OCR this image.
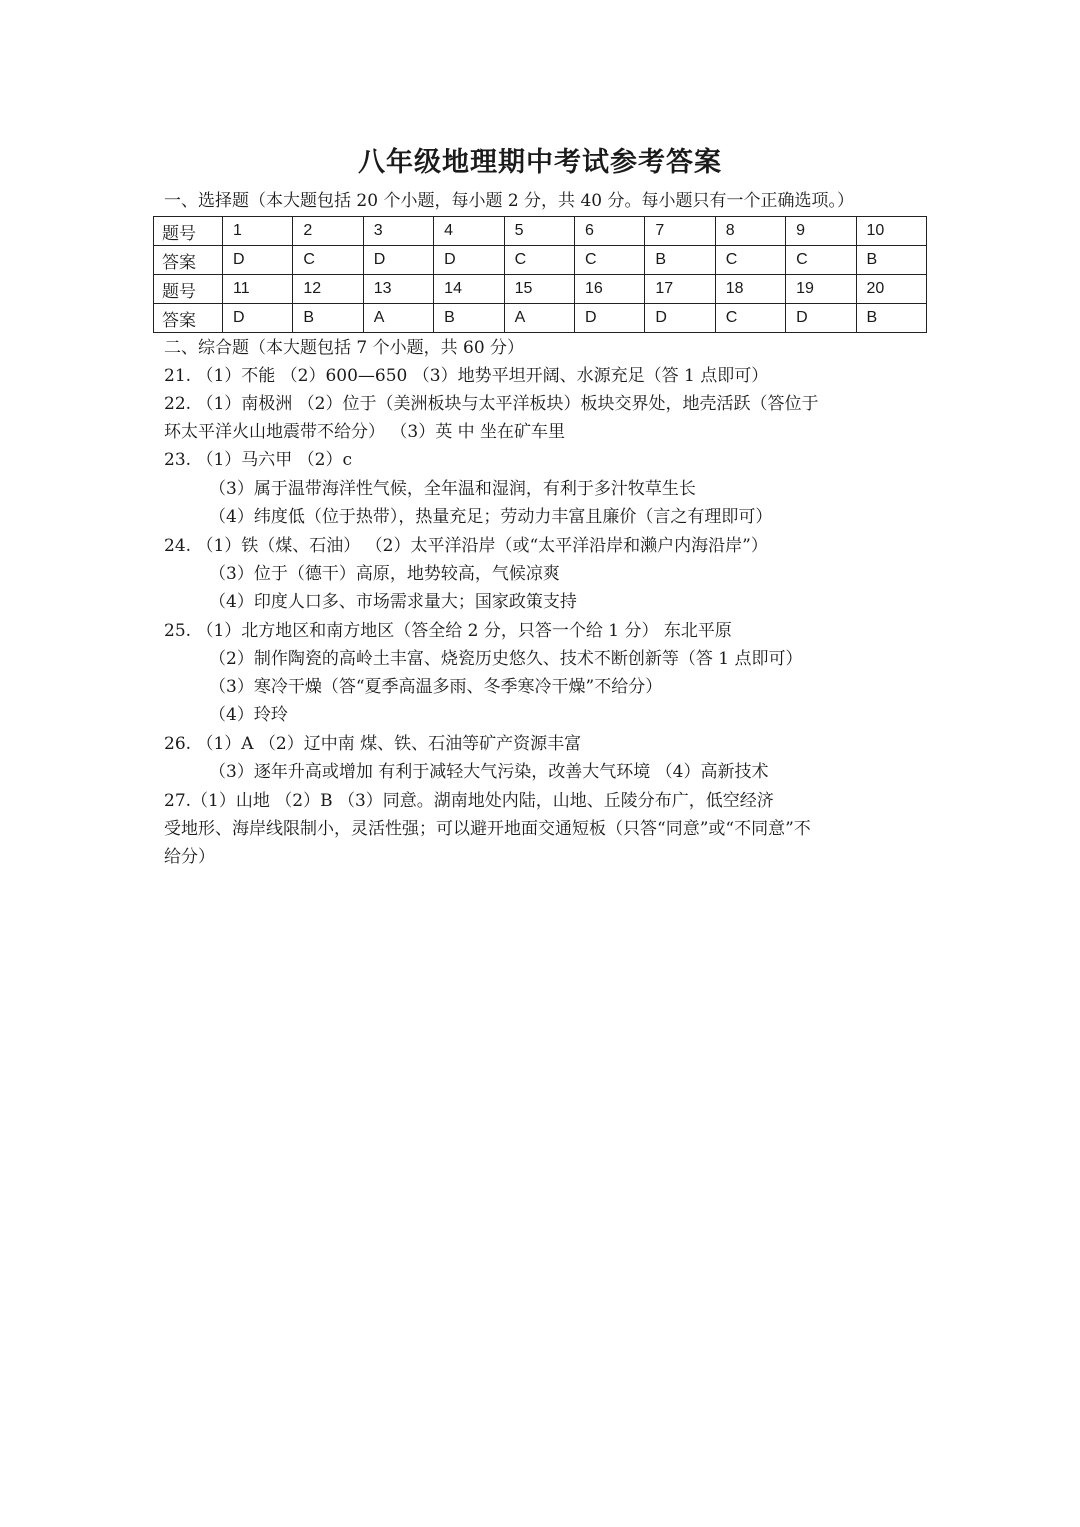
八年级地理期中考试参考答案
一、选择题（本大题包括 20 个小题，每小题 2 分，共 40 分。每小题只有一个正确选项。）
题号	1	2	3	4	5	6	7	8	9	10
答案	D	C	D	D	C	C	B	C	C	B
题号	11	12	13	14	15	16	17	18	19	20
答案	D	B	A	B	A	D	D	C	D	B
二、综合题（本大题包括 7 个小题，共 60 分）
21. （1）不能 （2）600—650 （3）地势平坦开阔、水源充足（答 1 点即可）
22. （1）南极洲 （2）位于（美洲板块与太平洋板块）板块交界处，地壳活跃（答位于
环太平洋火山地震带不给分） （3）英 中 坐在矿车里
23. （1）马六甲 （2）c
（3）属于温带海洋性气候，全年温和湿润，有利于多汁牧草生长
（4）纬度低（位于热带），热量充足；劳动力丰富且廉价（言之有理即可）
24. （1）铁（煤、石油） （2）太平洋沿岸（或“太平洋沿岸和濑户内海沿岸”）
（3）位于（德干）高原，地势较高，气候凉爽
（4）印度人口多、市场需求量大；国家政策支持
25. （1）北方地区和南方地区（答全给 2 分，只答一个给 1 分） 东北平原
（2）制作陶瓷的高岭土丰富、烧瓷历史悠久、技术不断创新等（答 1 点即可）
（3）寒冷干燥（答“夏季高温多雨、冬季寒冷干燥”不给分）
（4）玲玲
26. （1）A （2）辽中南 煤、铁、石油等矿产资源丰富
（3）逐年升高或增加 有利于减轻大气污染，改善大气环境 （4）高新技术
27.（1）山地 （2）B （3）同意。湖南地处内陆，山地、丘陵分布广，低空经济
受地形、海岸线限制小，灵活性强；可以避开地面交通短板（只答“同意”或“不同意”不
给分）
